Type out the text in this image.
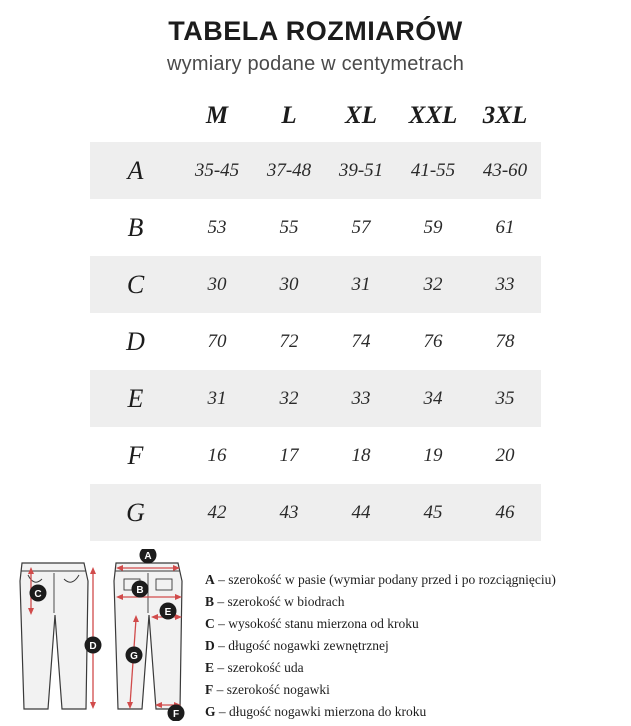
TABELA ROZMIARÓW
wymiary podane w centymetrach
	M	L	XL	XXL	3XL
A	35-45	37-48	39-51	41-55	43-60
B	53	55	57	59	61
C	30	30	31	32	33
D	70	72	74	76	78
E	31	32	33	34	35
F	16	17	18	19	20
G	42	43	44	45	46
C
D
A
B
E
G
F
A – szerokość w pasie (wymiar podany przed i po rozciągnięciu)
B – szerokość w biodrach
C – wysokość stanu mierzona od kroku
D – długość nogawki zewnętrznej
E – szerokość uda
F – szerokość nogawki
G – długość nogawki mierzona do kroku
